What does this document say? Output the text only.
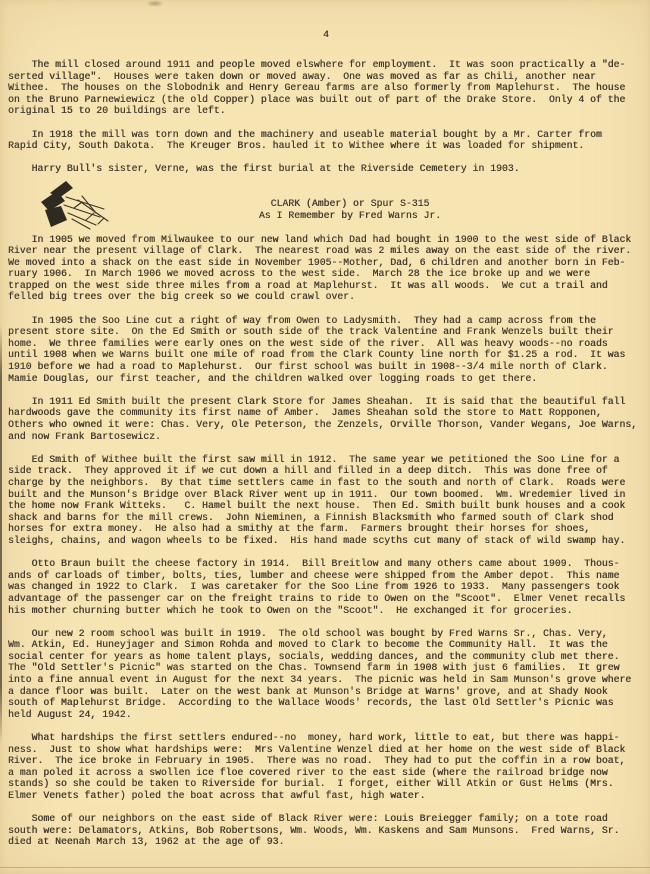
4
The mill closed around 1911 and people moved elswhere for employment.  It was soon practically a "de-
serted village".  Houses were taken down or moved away.  One was moved as far as Chili, another near
Withee.  The houses on the Slobodnik and Henry Gereau farms are also formerly from Maplehurst.  The house
on the Bruno Parnewiewicz (the old Copper) place was built out of part of the Drake Store.  Only 4 of the
original 15 to 20 buildings are left.
In 1918 the mill was torn down and the machinery and useable material bought by a Mr. Carter from
Rapid City, South Dakota.  The Kreuger Bros. hauled it to Withee where it was loaded for shipment.
Harry Bull's sister, Verne, was the first burial at the Riverside Cemetery in 1903.
CLARK (Amber) or Spur S-315
As I Remember by Fred Warns Jr.
In 1905 we moved from Milwaukee to our new land which Dad had bought in 1900 to the west side of Black
River near the present village of Clark.  The nearest road was 2 miles away on the east side of the river.
We moved into a shack on the east side in November 1905--Mother, Dad, 6 children and another born in Feb-
ruary 1906.  In March 1906 we moved across to the west side.  March 28 the ice broke up and we were
trapped on the west side three miles from a road at Maplehurst.  It was all woods.  We cut a trail and
felled big trees over the big creek so we could crawl over.
In 1905 the Soo Line cut a right of way from Owen to Ladysmith.  They had a camp across from the
present store site.  On the Ed Smith or south side of the track Valentine and Frank Wenzels built their
home.  We three families were early ones on the west side of the river.  All was heavy woods--no roads
until 1908 when we Warns built one mile of road from the Clark County line north for $1.25 a rod.  It was
1910 before we had a road to Maplehurst.  Our first school was built in 1908--3/4 mile north of Clark.
Mamie Douglas, our first teacher, and the children walked over logging roads to get there.
In 1911 Ed Smith built the present Clark Store for James Sheahan.  It is said that the beautiful fall
hardwoods gave the community its first name of Amber.  James Sheahan sold the store to Matt Ropponen,
Others who owned it were: Chas. Very, Ole Peterson, the Zenzels, Orville Thorson, Vander Wegans, Joe Warns,
and now Frank Bartosewicz.
Ed Smith of Withee built the first saw mill in 1912.  The same year we petitioned the Soo Line for a
side track.  They approved it if we cut down a hill and filled in a deep ditch.  This was done free of
charge by the neighbors.  By that time settlers came in fast to the south and north of Clark.  Roads were
built and the Munson's Bridge over Black River went up in 1911.  Our town boomed.  Wm. Wredemier lived in
the home now Frank Witteks.   C. Hamel built the next house.  Then Ed. Smith built bunk houses and a cook
shack and barns for the mill crews.  John Nieminen, a Finnish Blacksmith who farmed south of Clark shod
horses for extra money.  He also had a smithy at the farm.  Farmers brought their horses for shoes,
sleighs, chains, and wagon wheels to be fixed.  His hand made scyths cut many of stack of wild swamp hay.
Otto Braun built the cheese factory in 1914.  Bill Breitlow and many others came about 1909.  Thous-
ands of carloads of timber, bolts, ties, lumber and cheese were shipped from the Amber depot.  This name
was changed in 1922 to Clark.  I was caretaker for the Soo Line from 1926 to 1933.  Many passengers took
advantage of the passenger car on the freight trains to ride to Owen on the "Scoot".  Elmer Venet recalls
his mother churning butter which he took to Owen on the "Scoot".  He exchanged it for groceries.
Our new 2 room school was built in 1919.  The old school was bought by Fred Warns Sr., Chas. Very,
Wm. Atkin, Ed. Huneyjager and Simon Rohda and moved to Clark to become the Community Hall.  It was the
social center for years as home talent plays, socials, wedding dances, and the community club met there.
The "Old Settler's Picnic" was started on the Chas. Townsend farm in 1908 with just 6 families.  It grew
into a fine annual event in August for the next 34 years.  The picnic was held in Sam Munson's grove where
a dance floor was built.  Later on the west bank at Munson's Bridge at Warns' grove, and at Shady Nook
south of Maplehurst Bridge.  According to the Wallace Woods' records, the last Old Settler's Picnic was
held August 24, 1942.
What hardships the first settlers endured--no  money, hard work, little to eat, but there was happi-
ness.  Just to show what hardships were:  Mrs Valentine Wenzel died at her home on the west side of Black
River.  The ice broke in February in 1905.  There was no road.  They had to put the coffin in a row boat,
a man poled it across a swollen ice floe covered river to the east side (where the railroad bridge now
stands) so she could be taken to Riverside for burial.  I forget, either Will Atkin or Gust Helms (Mrs.
Elmer Venets father) poled the boat across that awful fast, high water.
Some of our neighbors on the east side of Black River were: Louis Breiegger family; on a tote road
south were: Delamators, Atkins, Bob Robertsons, Wm. Woods, Wm. Kaskens and Sam Munsons.  Fred Warns, Sr.
died at Neenah March 13, 1962 at the age of 93.
